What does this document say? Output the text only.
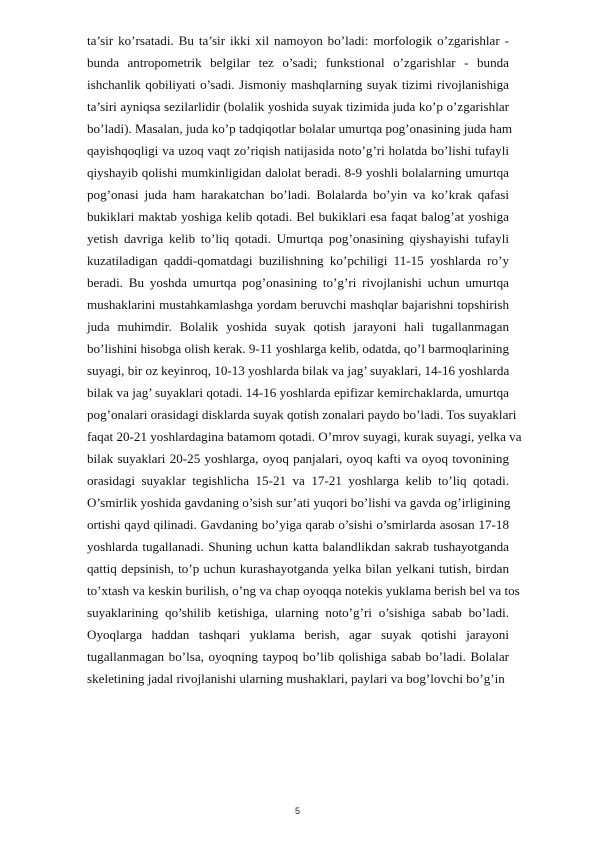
ta’sir ko’rsatadi. Bu ta’sir ikki xil namoyon bo’ladi: morfologik o’zgarishlar -
bunda antropometrik belgilar tez o’sadi; funkstional o’zgarishlar - bunda
ishchanlik qobiliyati o’sadi. Jismoniy mashqlarning suyak tizimi rivojlanishiga
ta’siri ayniqsa sezilarlidir (bolalik yoshida suyak tizimida juda ko’p o’zgarishlar
bo’ladi). Masalan, juda ko’p tadqiqotlar bolalar umurtqa pog’onasining juda ham
qayishqoqligi va uzoq vaqt zo’riqish natijasida noto’g’ri holatda bo’lishi tufayli
qiyshayib qolishi mumkinligidan dalolat beradi. 8-9 yoshli bolalarning umurtqa
pog’onasi juda ham harakatchan bo’ladi. Bolalarda bo’yin va ko’krak qafasi
bukiklari maktab yoshiga kelib qotadi. Bel bukiklari esa faqat balog’at yoshiga
yetish davriga kelib to’liq qotadi. Umurtqa pog’onasining qiyshayishi tufayli
kuzatiladigan qaddi-qomatdagi buzilishning ko’pchiligi 11-15 yoshlarda ro’y
beradi. Bu yoshda umurtqa pog’onasining to’g’ri rivojlanishi uchun umurtqa
mushaklarini mustahkamlashga yordam beruvchi mashqlar bajarishni topshirish
juda muhimdir. Bolalik yoshida suyak qotish jarayoni hali tugallanmagan
bo’lishini hisobga olish kerak. 9-11 yoshlarga kelib, odatda, qo’l barmoqlarining
suyagi, bir oz keyinroq, 10-13 yoshlarda bilak va jag’ suyaklari, 14-16 yoshlarda
bilak va jag’ suyaklari qotadi. 14-16 yoshlarda epifizar kemirchaklarda, umurtqa
pog’onalari orasidagi disklarda suyak qotish zonalari paydo bo’ladi. Tos suyaklari
faqat 20-21 yoshlardagina batamom qotadi. O’mrov suyagi, kurak suyagi, yelka va
bilak suyaklari 20-25 yoshlarga, oyoq panjalari, oyoq kafti va oyoq tovonining
orasidagi suyaklar tegishlicha 15-21 va 17-21 yoshlarga kelib to’liq qotadi.
O’smirlik yoshida gavdaning o’sish sur’ati yuqori bo’lishi va gavda og’irligining
ortishi qayd qilinadi. Gavdaning bo’yiga qarab o’sishi o’smirlarda asosan 17-18
yoshlarda tugallanadi. Shuning uchun katta balandlikdan sakrab tushayotganda
qattiq depsinish, to’p uchun kurashayotganda yelka bilan yelkani tutish, birdan
to’xtash va keskin burilish, o’ng va chap oyoqqa notekis yuklama berish bel va tos
suyaklarining qo’shilib ketishiga, ularning noto’g’ri o’sishiga sabab bo’ladi.
Oyoqlarga haddan tashqari yuklama berish, agar suyak qotishi jarayoni
tugallanmagan bo’lsa, oyoqning taypoq bo’lib qolishiga sabab bo’ladi. Bolalar
skeletining jadal rivojlanishi ularning mushaklari, paylari va bog’lovchi bo’g’in
5
